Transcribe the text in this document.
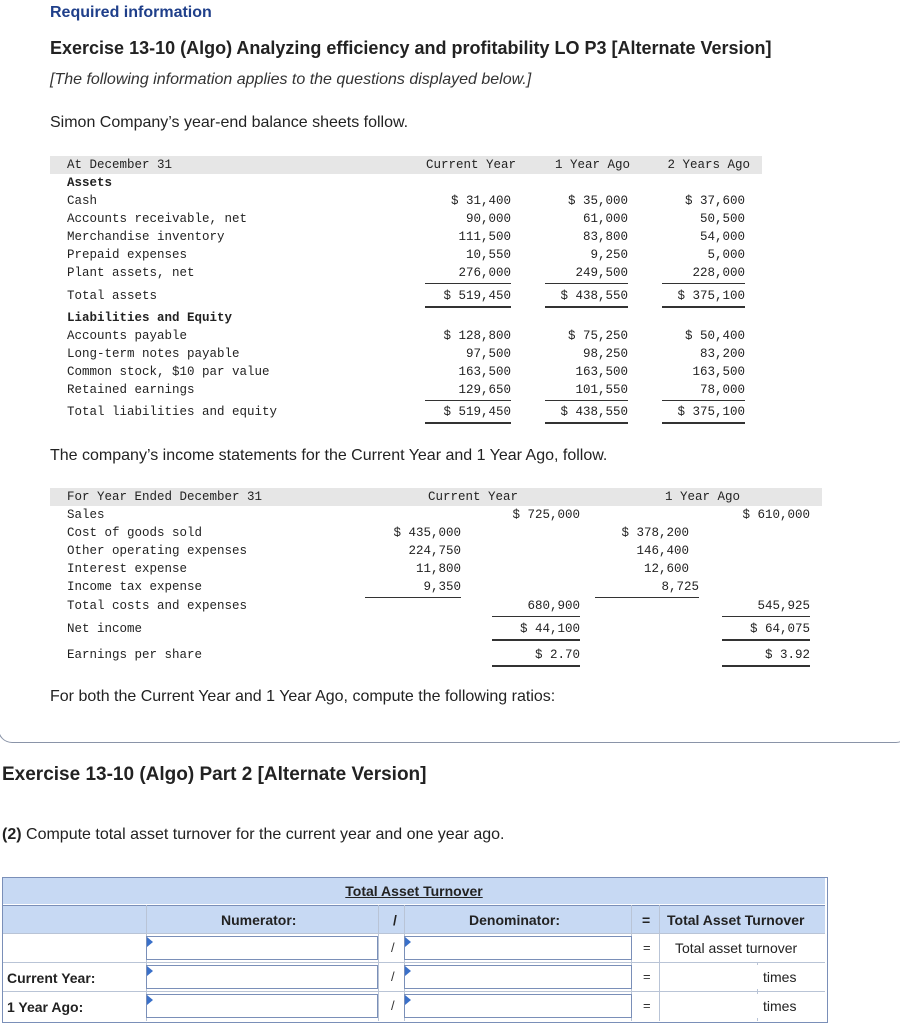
Required information
Exercise 13-10 (Algo) Analyzing efficiency and profitability LO P3 [Alternate Version]
[The following information applies to the questions displayed below.]
Simon Company’s year-end balance sheets follow.
At December 31	Current Year	1 Year Ago	2 Years Ago
Assets
Cash	$ 31,400	$ 35,000	$ 37,600
Accounts receivable, net	90,000	61,000	50,500
Merchandise inventory	111,500	83,800	54,000
Prepaid expenses	10,550	9,250	5,000
Plant assets, net	276,000	249,500	228,000
Total assets	$ 519,450	$ 438,550	$ 375,100
Liabilities and Equity
Accounts payable	$ 128,800	$ 75,250	$ 50,400
Long-term notes payable	97,500	98,250	83,200
Common stock, $10 par value	163,500	163,500	163,500
Retained earnings	129,650	101,550	78,000
Total liabilities and equity	$ 519,450	$ 438,550	$ 375,100
The company’s income statements for the Current Year and 1 Year Ago, follow.
For Year Ended December 31	Current Year	1 Year Ago
Sales	$ 725,000	$ 610,000
Cost of goods sold	$ 435,000	$ 378,200
Other operating expenses	224,750	146,400
Interest expense	11,800	12,600
Income tax expense	9,350	8,725
Total costs and expenses	680,900	545,925
Net income	$ 44,100	$ 64,075
Earnings per share	$ 2.70	$ 3.92
For both the Current Year and 1 Year Ago, compute the following ratios:
Exercise 13-10 (Algo) Part 2 [Alternate Version]
(2) Compute total asset turnover for the current year and one year ago.
Total Asset Turnover
Numerator:	/	Denominator:	= Total Asset Turnover
/	= Total asset turnover
Current Year:	/	=	times
1 Year Ago:	/	=	times
